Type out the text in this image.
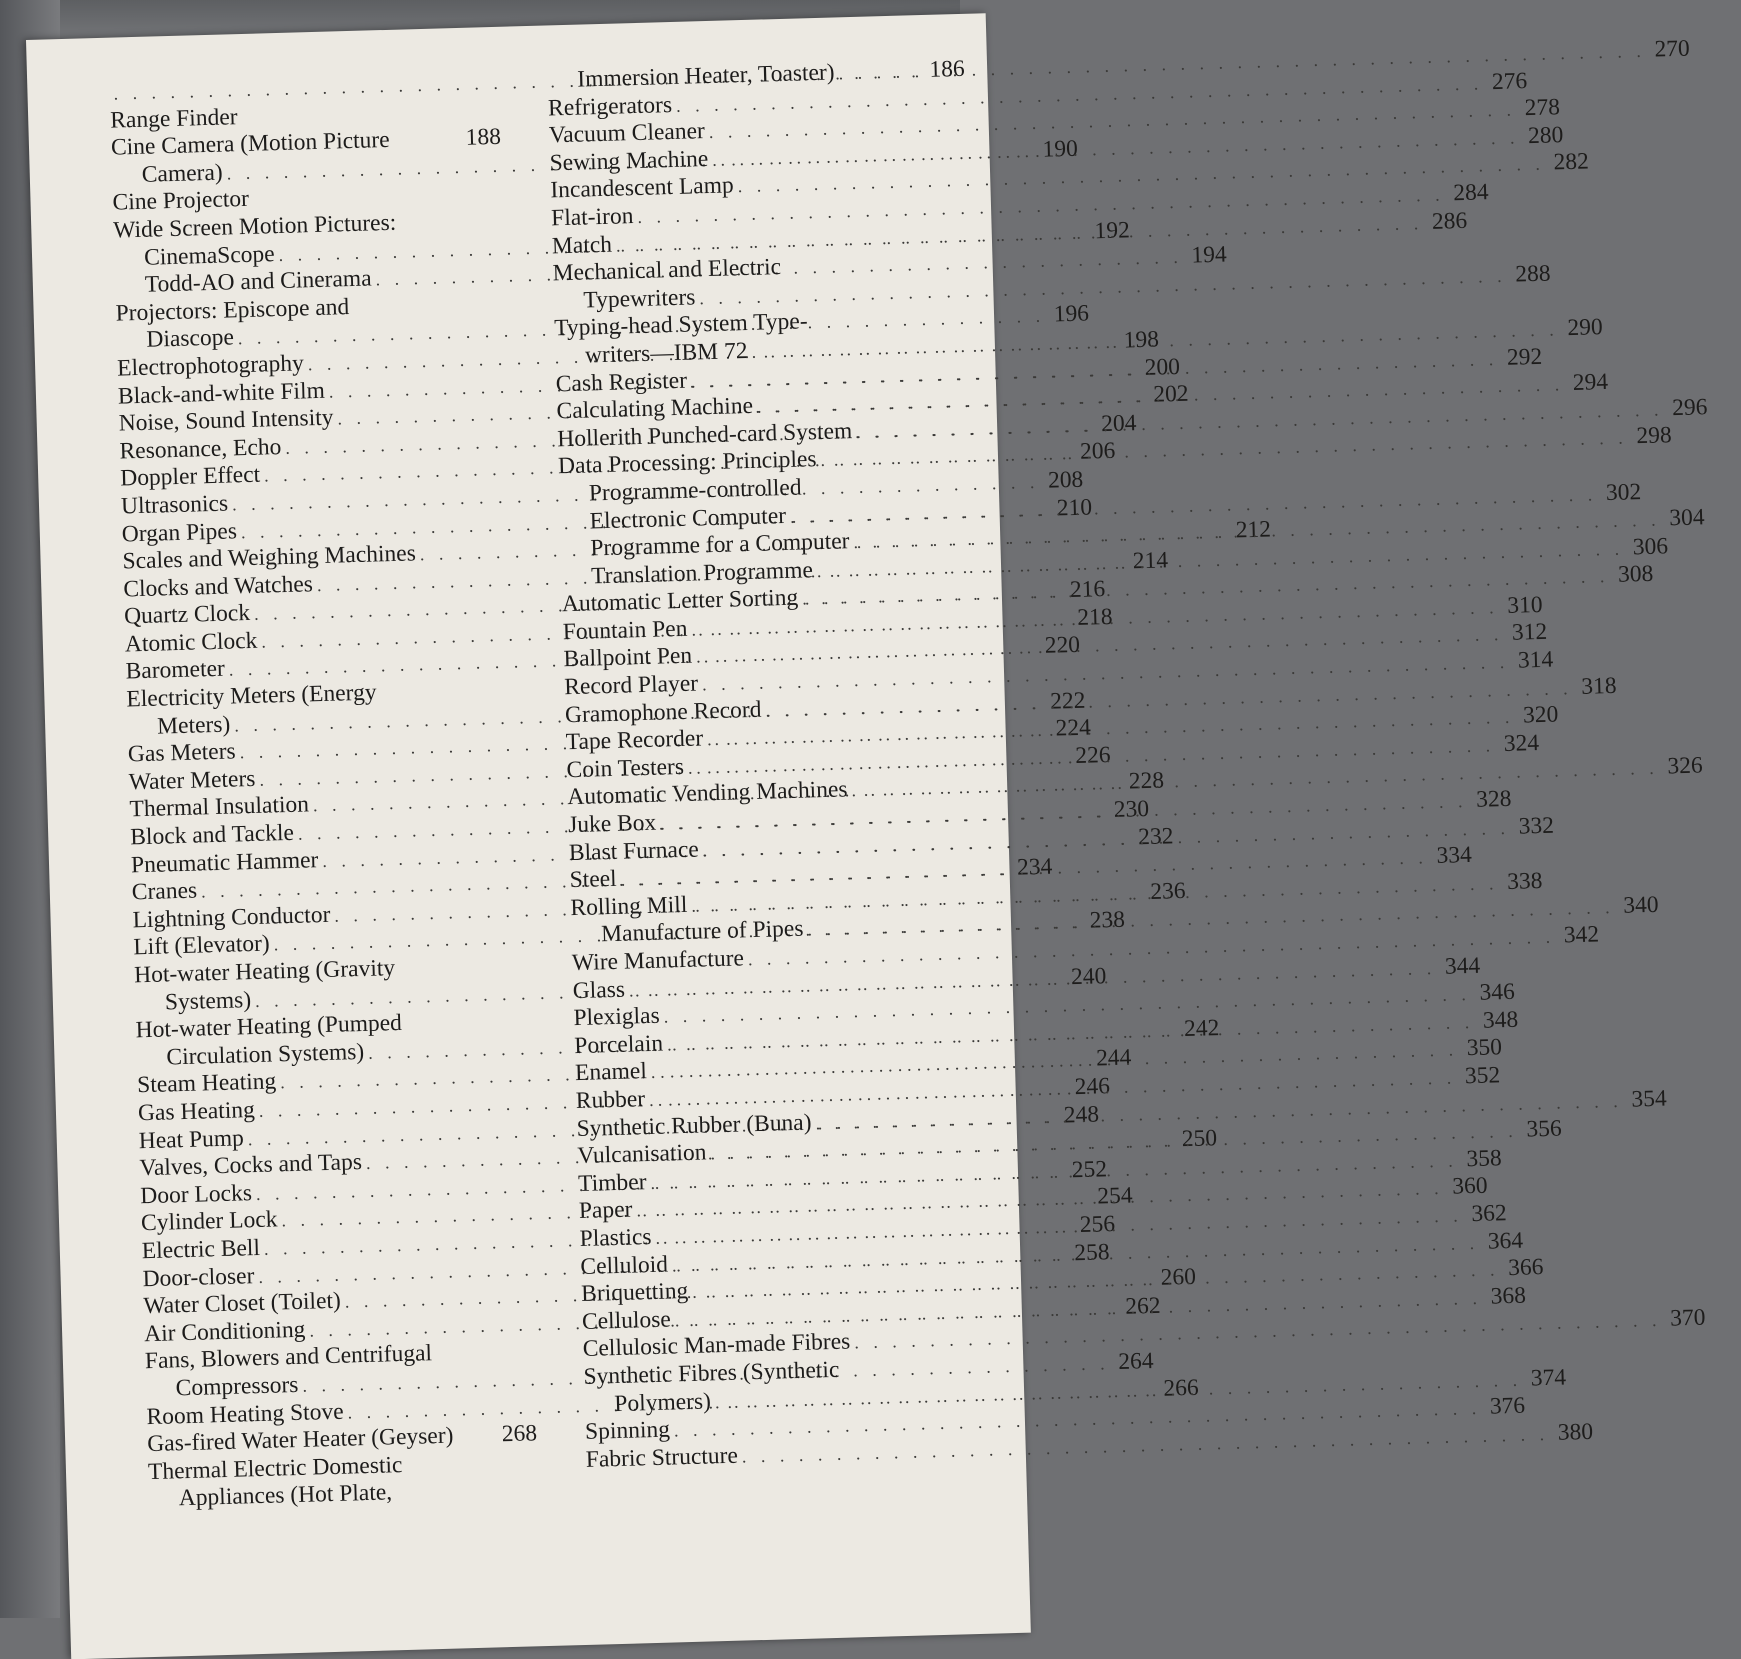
. . .
186
Range Finder
Cine Camera (Motion Picture	188
Camera)
. . .
190
Cine Projector
Wide Screen Motion Pictures:
CinemaScope
. . .
192
Todd-AO and Cinerama
. . .
194
Projectors: Episcope and
Diascope
. . .
196
Electrophotography
. . .
198
Black-and-white Film
. . .
200
Noise, Sound Intensity
. . .
202
Resonance, Echo
. . .
204
Doppler Effect
. . .
206
Ultrasonics
. . .
208
Organ Pipes
. . .
210
Scales and Weighing Machines
. . .
212
Clocks and Watches
. . .
214
Quartz Clock
. . .
216
Atomic Clock
. . .
218
Barometer
. . .
220
Electricity Meters (Energy
Meters)
. . .
222
Gas Meters
. . .
224
Water Meters
. . .
226
Thermal Insulation
. . .
228
Block and Tackle
. . .
230
Pneumatic Hammer
. . .
232
Cranes
. . .
234
Lightning Conductor
. . .
236
Lift (Elevator)
. . .
238
Hot-water Heating (Gravity
Systems)
. . .
240
Hot-water Heating (Pumped
Circulation Systems)
. . .
242
Steam Heating
. . .
244
Gas Heating
. . .
246
Heat Pump
. . .
248
Valves, Cocks and Taps
. . .
250
Door Locks
. . .
252
Cylinder Lock
. . .
254
Electric Bell
. . .
256
Door-closer
. . .
258
Water Closet (Toilet)
. . .
260
Air Conditioning
. . .
262
Fans, Blowers and Centrifugal
Compressors
. . .
264
Room Heating Stove
. . .
266
Gas-fired Water Heater (Geyser) 268
Thermal Electric Domestic
Appliances (Hot Plate,
Immersion Heater, Toaster)
. . .
270
Refrigerators
. . .
276
Vacuum Cleaner
. . .
278
Sewing Machine
. . .
280
Incandescent Lamp
. . .
282
Flat-iron
. . .
284
Match
. . .
286
Mechanical and Electric
Typewriters
. . .
288
Typing-head System Type-
writers—IBM 72
. . .
290
Cash Register
. . .
292
Calculating Machine
. . .
294
Hollerith Punched-card System
. . .
296
Data Processing: Principles
. . .
298
Programme-controlled
Electronic Computer
. . .
302
Programme for a Computer
. . .
304
Translation Programme
. . .
306
Automatic Letter Sorting
. . .
308
Fountain Pen
. . .
310
Ballpoint Pen
. . .
312
Record Player
. . .
314
Gramophone Record
. . .
318
Tape Recorder
. . .
320
Coin Testers
. . .
324
Automatic Vending Machines
. . .
326
Juke Box
. . .
328
Blast Furnace
. . .
332
Steel
. . .
334
Rolling Mill
. . .
338
Manufacture of Pipes
. . .
340
Wire Manufacture
. . .
342
Glass
. . .
344
Plexiglas
. . .
346
Porcelain
. . .
348
Enamel
. . .
350
Rubber
. . .
352
Synthetic Rubber (Buna)
. . .
354
Vulcanisation
. . .
356
Timber
. . .
358
Paper
. . .
360
Plastics
. . .
362
Celluloid
. . .
364
Briquetting
. . .
366
Cellulose
. . .
368
Cellulosic Man-made Fibres
. . .
370
Synthetic Fibres (Synthetic
Polymers)
. . .
374
Spinning
. . .
376
Fabric Structure
. . .
380
